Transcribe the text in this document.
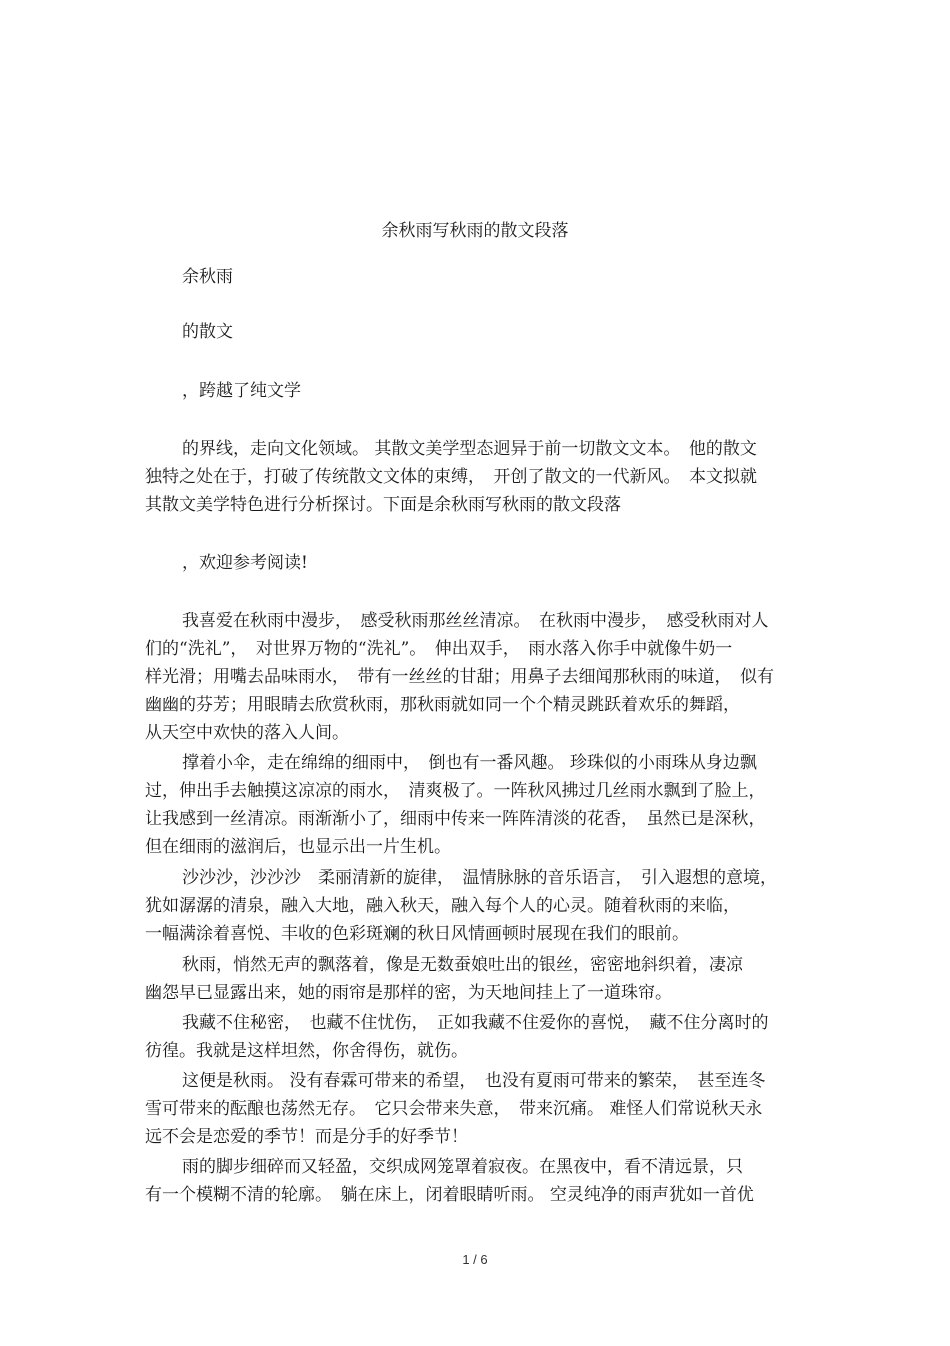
余秋雨写秋雨的散文段落
余秋雨
的散文
，跨越了纯文学
的界线，走向文化领域。 其散文美学型态迥异于前一切散文文本。　他的散文
独特之处在于，打破了传统散文文体的束缚，　开创了散文的一代新风。　本文拟就
其散文美学特色进行分析探讨。下面是余秋雨写秋雨的散文段落
，欢迎参考阅读!
我喜爱在秋雨中漫步，　感受秋雨那丝丝清凉。　在秋雨中漫步，　感受秋雨对人
们的“洗礼”，　对世界万物的“洗礼”。　伸出双手，　雨水落入你手中就像牛奶一
样光滑；用嘴去品味雨水，　带有一丝丝的甘甜；用鼻子去细闻那秋雨的味道，　似有
幽幽的芬芳；用眼睛去欣赏秋雨，那秋雨就如同一个个精灵跳跃着欢乐的舞蹈，
从天空中欢快的落入人间。
撑着小伞，走在绵绵的细雨中，　倒也有一番风趣。 珍珠似的小雨珠从身边飘
过，伸出手去触摸这凉凉的雨水，　清爽极了。一阵秋风拂过几丝雨水飘到了脸上，
让我感到一丝清凉。雨渐渐小了，细雨中传来一阵阵清淡的花香，　虽然已是深秋，
但在细雨的滋润后，也显示出一片生机。
沙沙沙，沙沙沙　柔丽清新的旋律，　温情脉脉的音乐语言，　引入遐想的意境，
犹如潺潺的清泉，融入大地，融入秋天，融入每个人的心灵。随着秋雨的来临，
一幅满涂着喜悦、丰收的色彩斑斓的秋日风情画顿时展现在我们的眼前。
秋雨，悄然无声的飘落着，像是无数蚕娘吐出的银丝，密密地斜织着，凄凉
幽怨早已显露出来，她的雨帘是那样的密，为天地间挂上了一道珠帘。
我藏不住秘密，　也藏不住忧伤，　正如我藏不住爱你的喜悦，　藏不住分离时的
彷徨。我就是这样坦然，你舍得伤，就伤。
这便是秋雨。 没有春霖可带来的希望，　也没有夏雨可带来的繁荣，　甚至连冬
雪可带来的酝酿也荡然无存。　它只会带来失意，　带来沉痛。 难怪人们常说秋天永
远不会是恋爱的季节！而是分手的好季节！
雨的脚步细碎而又轻盈，交织成网笼罩着寂夜。在黑夜中，看不清远景，只
有一个模糊不清的轮廓。　躺在床上，闭着眼睛听雨。 空灵纯净的雨声犹如一首优
1 / 6
